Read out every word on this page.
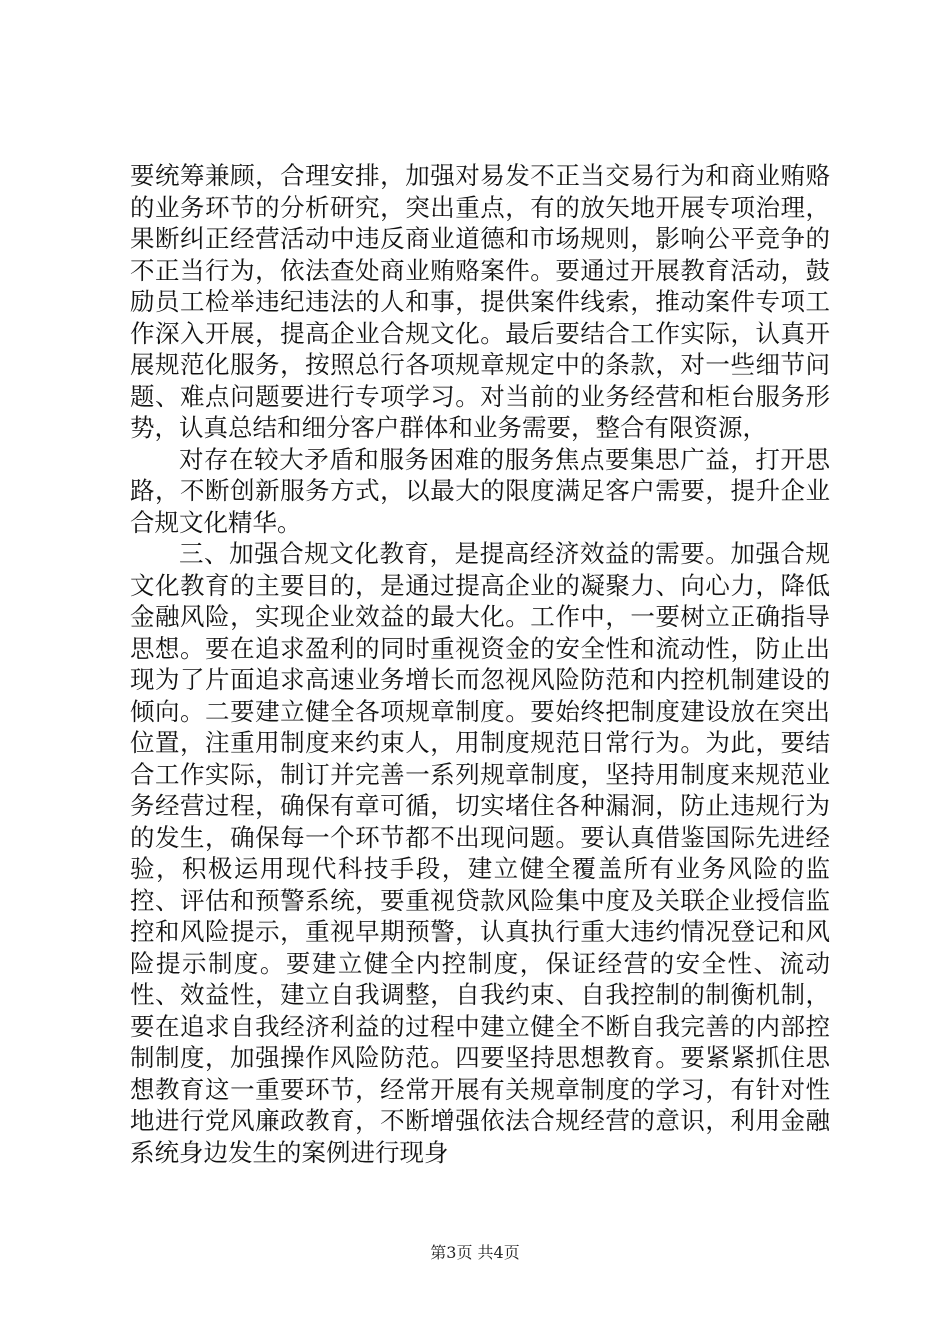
要统筹兼顾，合理安排，加强对易发不正当交易行为和商业贿赂的业务环节的分析研究，突出重点，有的放矢地开展专项治理，果断纠正经营活动中违反商业道德和市场规则，影响公平竞争的不正当行为，依法查处商业贿赂案件。要通过开展教育活动，鼓励员工检举违纪违法的人和事，提供案件线索，推动案件专项工作深入开展，提高企业合规文化。最后要结合工作实际，认真开展规范化服务，按照总行各项规章规定中的条款，对一些细节问题、难点问题要进行专项学习。对当前的业务经营和柜台服务形势，认真总结和细分客户群体和业务需要，整合有限资源，

对存在较大矛盾和服务困难的服务焦点要集思广益，打开思路，不断创新服务方式，以最大的限度满足客户需要，提升企业合规文化精华。

三、加强合规文化教育，是提高经济效益的需要。加强合规文化教育的主要目的，是通过提高企业的凝聚力、向心力，降低金融风险，实现企业效益的最大化。工作中，一要树立正确指导思想。要在追求盈利的同时重视资金的安全性和流动性，防止出现为了片面追求高速业务增长而忽视风险防范和内控机制建设的倾向。二要建立健全各项规章制度。要始终把制度建设放在突出位置，注重用制度来约束人，用制度规范日常行为。为此，要结合工作实际，制订并完善一系列规章制度，坚持用制度来规范业务经营过程，确保有章可循，切实堵住各种漏洞，防止违规行为的发生，确保每一个环节都不出现问题。要认真借鉴国际先进经验，积极运用现代科技手段，建立健全覆盖所有业务风险的监控、评估和预警系统，要重视贷款风险集中度及关联企业授信监控和风险提示，重视早期预警，认真执行重大违约情况登记和风险提示制度。要建立健全内控制度，保证经营的安全性、流动性、效益性，建立自我调整，自我约束、自我控制的制衡机制，要在追求自我经济利益的过程中建立健全不断自我完善的内部控制制度，加强操作风险防范。四要坚持思想教育。要紧紧抓住思想教育这一重要环节，经常开展有关规章制度的学习，有针对性地进行党风廉政教育，不断增强依法合规经营的意识，利用金融系统身边发生的案例进行现身

第3页 共4页
